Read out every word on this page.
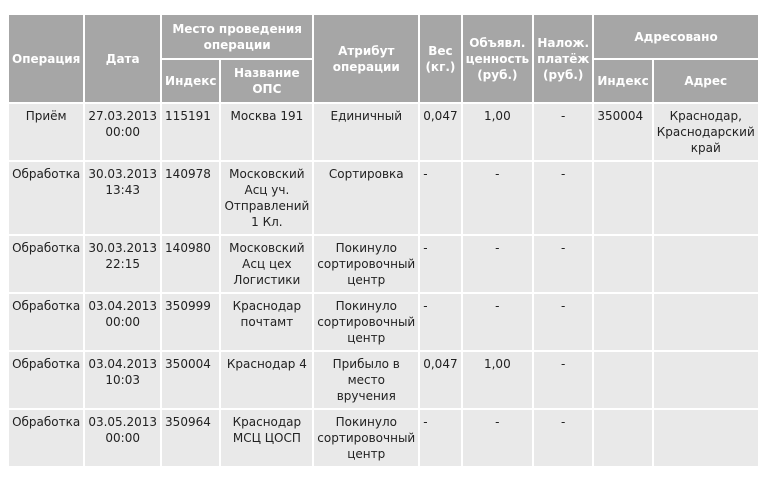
Операция	Дата	Место проведения операции		Атрибут операции	Вес (кг.)	Объявл. ценность (руб.)	Налож. платёж (руб.)	Адресовано	
		Индекс	Название ОПС					Индекс	Адрес
Приём	27.03.2013 00:00	115191	Москва 191	Единичный	0,047	1,00	-	350004	Краснодар, Краснодарский край
Обработка	30.03.2013 13:43	140978	Московский Асц уч. Отправлений 1 Кл.	Сортировка	-	-	-		
Обработка	30.03.2013 22:15	140980	Московский Асц цех Логистики	Покинуло сортировочный центр	-	-	-		
Обработка	03.04.2013 00:00	350999	Краснодар почтамт	Покинуло сортировочный центр	-	-	-		
Обработка	03.04.2013 10:03	350004	Краснодар 4	Прибыло в место вручения	0,047	1,00	-		
Обработка	03.05.2013 00:00	350964	Краснодар МСЦ ЦОСП	Покинуло сортировочный центр	-	-	-		
